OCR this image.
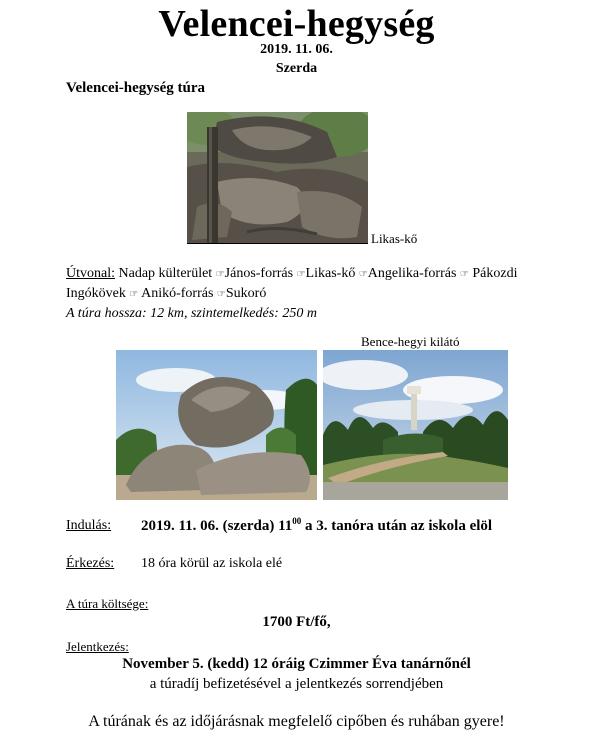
Velencei-hegység
2019. 11. 06.
Szerda
Velencei-hegység túra
Likas-kő
Útvonal: Nadap külterület ☞János-forrás ☞Likas-kő ☞Angelika-forrás ☞ Pákozdi Ingókövek ☞ Anikó-forrás ☞Sukoró
A túra hossza: 12 km, szintemelkedés: 250 m
Bence-hegyi kilátó
Indulás: 2019. 11. 06. (szerda) $11^{00}$ a 3. tanóra után az iskola elöl
Érkezés: 18 óra körül az iskola elé
A túra költsége:
1700 Ft/fő,
Jelentkezés:
November 5. (kedd) 12 óráig Czimmer Éva tanárnőnél
a túradíj befizetésével a jelentkezés sorrendjében
A túrának és az időjárásnak megfelelő cipőben és ruhában gyere!
